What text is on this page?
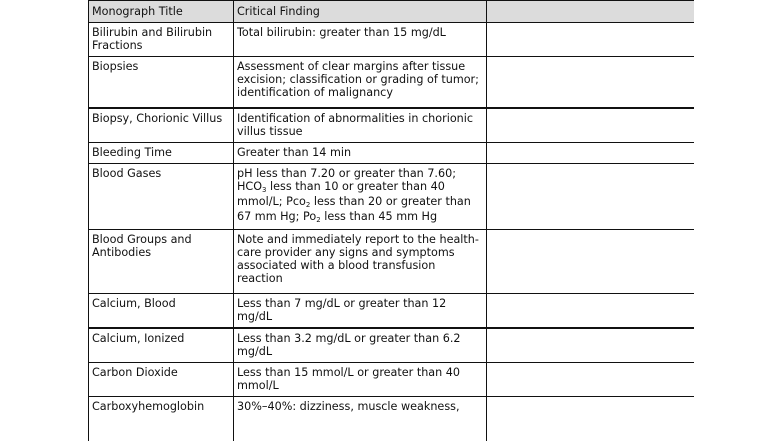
Monograph Title	Critical Finding	
Bilirubin and Bilirubin Fractions	Total bilirubin: greater than 15 mg/dL	
Biopsies	Assessment of clear margins after tissue excision; classification or grading of tumor; identification of malignancy	
Biopsy, Chorionic Villus	Identification of abnormalities in chorionic villus tissue	
Bleeding Time	Greater than 14 min	
Blood Gases	pH less than 7.20 or greater than 7.60; $HCO_3$ less than 10 or greater than 40 mmol/L; Pco$_2$ less than 20 or greater than 67 mm Hg; $Po_2$ less than 45 mm Hg	
Blood Groups and Antibodies	Note and immediately report to the health-care provider any signs and symptoms associated with a blood transfusion reaction	
Calcium, Blood	Less than 7 mg/dL or greater than 12 mg/dL	
Calcium, Ionized	Less than 3.2 mg/dL or greater than 6.2 mg/dL	
Carbon Dioxide	Less than 15 mmol/L or greater than 40 mmol/L	
Carboxyhemoglobin	30%–40%: dizziness, muscle weakness,	
